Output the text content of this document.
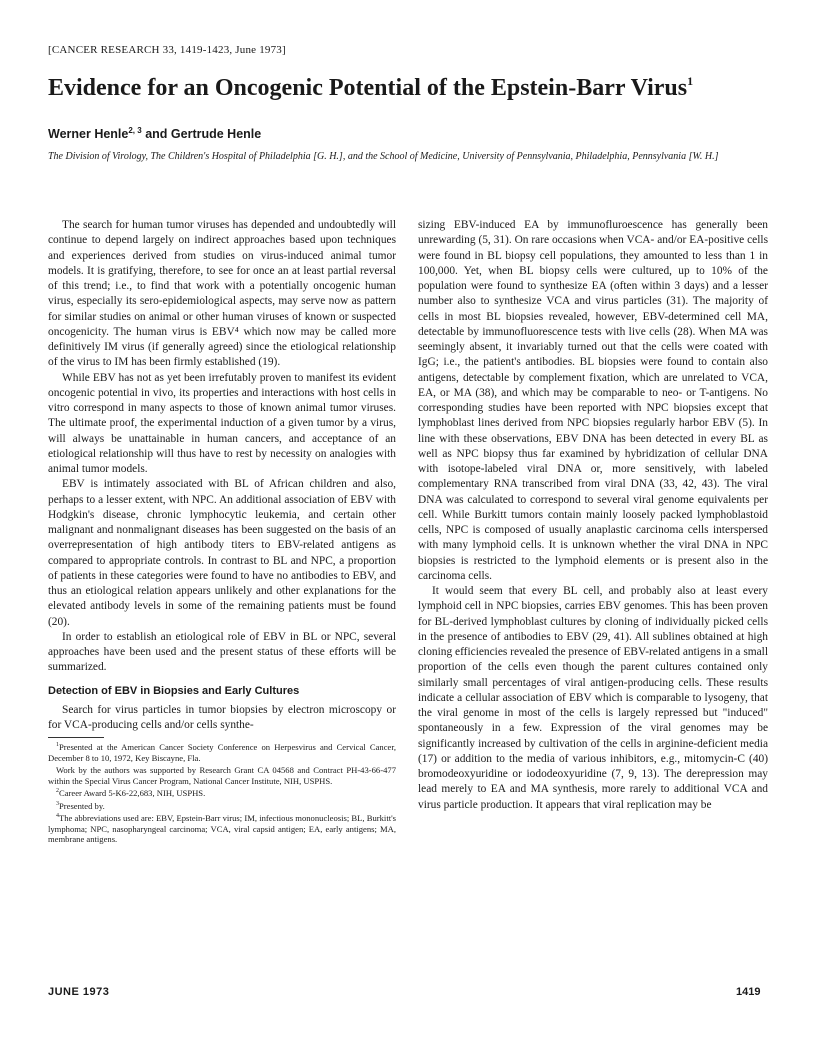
[CANCER RESEARCH 33, 1419-1423, June 1973]
Evidence for an Oncogenic Potential of the Epstein-Barr Virus$^1$
Werner Henle$^{2, 3}$ and Gertrude Henle
The Division of Virology, The Children's Hospital of Philadelphia [G. H.], and the School of Medicine, University of Pennsylvania, Philadelphia, Pennsylvania [W. H.]

The search for human tumor viruses has depended and undoubtedly will continue to depend largely on indirect approaches based upon techniques and experiences derived from studies on virus-induced animal tumor models. It is gratifying, therefore, to see for once an at least partial reversal of this trend; i.e., to find that work with a potentially oncogenic human virus, especially its sero-epidemiological aspects, may serve now as pattern for similar studies on animal or other human viruses of known or suspected oncogenicity. The human virus is EBV⁴ which now may be called more definitively IM virus (if generally agreed) since the etiological relationship of the virus to IM has been firmly established (19).

While EBV has not as yet been irrefutably proven to manifest its evident oncogenic potential in vivo, its properties and interactions with host cells in vitro correspond in many aspects to those of known animal tumor viruses. The ultimate proof, the experimental induction of a given tumor by a virus, will always be unattainable in human cancers, and acceptance of an etiological relationship will thus have to rest by necessity on analogies with animal tumor models.

EBV is intimately associated with BL of African children and also, perhaps to a lesser extent, with NPC. An additional association of EBV with Hodgkin's disease, chronic lymphocytic leukemia, and certain other malignant and nonmalignant diseases has been suggested on the basis of an overrepresentation of high antibody titers to EBV-related antigens as compared to appropriate controls. In contrast to BL and NPC, a proportion of patients in these categories were found to have no antibodies to EBV, and thus an etiological relation appears unlikely and other explanations for the elevated antibody levels in some of the remaining patients must be found (20).

In order to establish an etiological role of EBV in BL or NPC, several approaches have been used and the present status of these efforts will be summarized.

Detection of EBV in Biopsies and Early Cultures

Search for virus particles in tumor biopsies by electron microscopy or for VCA-producing cells and/or cells synthe-

$^1$Presented at the American Cancer Society Conference on Herpesvirus and Cervical Cancer, December 8 to 10, 1972, Key Biscayne, Fla.
Work by the authors was supported by Research Grant CA 04568 and Contract PH-43-66-477 within the Special Virus Cancer Program, National Cancer Institute, NIH, USPHS.
$^2$Career Award 5-K6-22,683, NIH, USPHS.
$^3$Presented by.
$^4$The abbreviations used are: EBV, Epstein-Barr virus; IM, infectious mononucleosis; BL, Burkitt's lymphoma; NPC, nasopharyngeal carcinoma; VCA, viral capsid antigen; EA, early antigens; MA, membrane antigens.

sizing EBV-induced EA by immunofluroescence has generally been unrewarding (5, 31). On rare occasions when VCA- and/or EA-positive cells were found in BL biopsy cell populations, they amounted to less than 1 in 100,000. Yet, when BL biopsy cells were cultured, up to 10% of the population were found to synthesize EA (often within 3 days) and a lesser number also to synthesize VCA and virus particles (31). The majority of cells in most BL biopsies revealed, however, EBV-determined cell MA, detectable by immunofluorescence tests with live cells (28). When MA was seemingly absent, it invariably turned out that the cells were coated with IgG; i.e., the patient's antibodies. BL biopsies were found to contain also antigens, detectable by complement fixation, which are unrelated to VCA, EA, or MA (38), and which may be comparable to neo- or T-antigens. No corresponding studies have been reported with NPC biopsies except that lymphoblast lines derived from NPC biopsies regularly harbor EBV (5). In line with these observations, EBV DNA has been detected in every BL as well as NPC biopsy thus far examined by hybridization of cellular DNA with isotope-labeled viral DNA or, more sensitively, with labeled complementary RNA transcribed from viral DNA (33, 42, 43). The viral DNA was calculated to correspond to several viral genome equivalents per cell. While Burkitt tumors contain mainly loosely packed lymphoblastoid cells, NPC is composed of usually anaplastic carcinoma cells interspersed with many lymphoid cells. It is unknown whether the viral DNA in NPC biopsies is restricted to the lymphoid elements or is present also in the carcinoma cells.

It would seem that every BL cell, and probably also at least every lymphoid cell in NPC biopsies, carries EBV genomes. This has been proven for BL-derived lymphoblast cultures by cloning of individually picked cells in the presence of antibodies to EBV (29, 41). All sublines obtained at high cloning efficiencies revealed the presence of EBV-related antigens in a small proportion of the cells even though the parent cultures contained only similarly small percentages of viral antigen-producing cells. These results indicate a cellular association of EBV which is comparable to lysogeny, that the viral genome in most of the cells is largely repressed but "induced" spontaneously in a few. Expression of the viral genomes may be significantly increased by cultivation of the cells in arginine-deficient media (17) or addition to the media of various inhibitors, e.g., mitomycin-C (40) bromodeoxyuridine or iododeoxyuridine (7, 9, 13). The derepression may lead merely to EA and MA synthesis, more rarely to additional VCA and virus particle production. It appears that viral replication may be

JUNE 1973	1419
